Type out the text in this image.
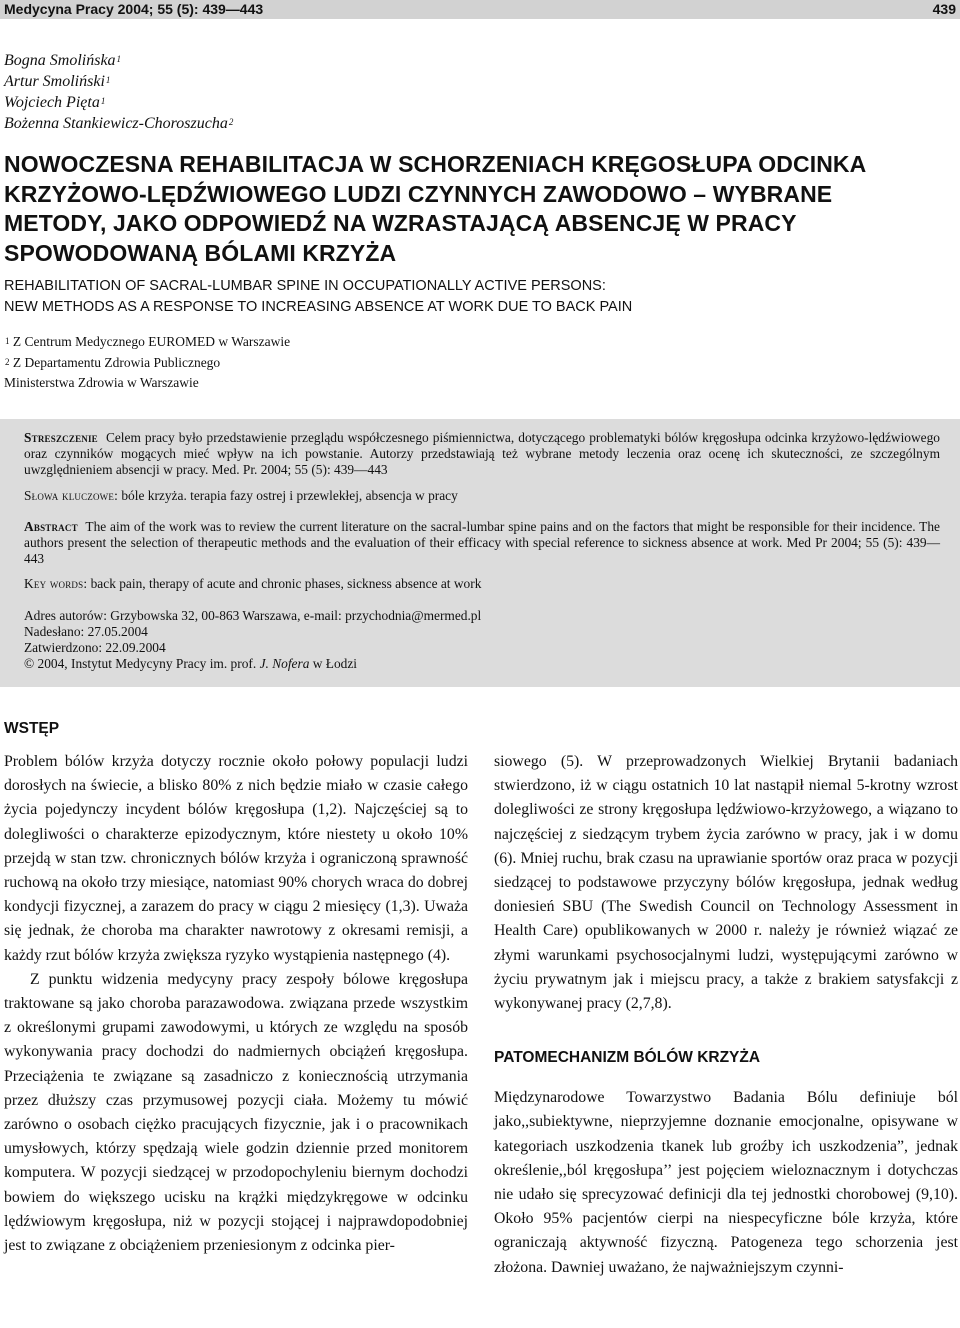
Medycyna Pracy 2004; 55 (5): 439—443	439
Bogna Smolińska$^1$
Artur Smoliński$^1$
Wojciech Pięta$^1$
Bożenna Stankiewicz-Choroszucha$^2$
NOWOCZESNA REHABILITACJA W SCHORZENIACH KRĘGOSŁUPA ODCINKA
KRZYŻOWO-LĘDŹWIOWEGO LUDZI CZYNNYCH ZAWODOWO – WYBRANE
METODY, JAKO ODPOWIEDŹ NA WZRASTAJĄCĄ ABSENCJĘ W PRACY
SPOWODOWANĄ BÓLAMI KRZYŻA
REHABILITATION OF SACRAL-LUMBAR SPINE IN OCCUPATIONALLY ACTIVE PERSONS:
NEW METHODS AS A RESPONSE TO INCREASING ABSENCE AT WORK DUE TO BACK PAIN
$^1$ Z Centrum Medycznego EUROMED w Warszawie
$^2$ Z Departamentu Zdrowia Publicznego
Ministerstwa Zdrowia w Warszawie

Streszczenie Celem pracy było przedstawienie przeglądu współczesnego piśmiennictwa, dotyczącego problematyki bólów kręgosłupa odcinka krzyżowo-lędźwiowego oraz czynników mogących mieć wpływ na ich powstanie. Autorzy przedstawiają też wybrane metody leczenia oraz ocenę ich skuteczności, ze szczególnym uwzględnieniem absencji w pracy. Med. Pr. 2004; 55 (5): 439—443

Słowa kluczowe: bóle krzyża. terapia fazy ostrej i przewlekłej, absencja w pracy

Abstract The aim of the work was to review the current literature on the sacral-lumbar spine pains and on the factors that might be responsible for their incidence. The authors present the selection of therapeutic methods and the evaluation of their efficacy with special reference to sickness absence at work. Med Pr 2004; 55 (5): 439—443

Key words: back pain, therapy of acute and chronic phases, sickness absence at work

Adres autorów: Grzybowska 32, 00-863 Warszawa, e-mail: przychodnia@mermed.pl
Nadesłano: 27.05.2004
Zatwierdzono: 22.09.2004
© 2004, Instytut Medycyny Pracy im. prof. J. Nofera w Łodzi
WSTĘP

Problem bólów krzyża dotyczy rocznie około połowy populacji ludzi dorosłych na świecie, a blisko 80% z nich będzie miało w czasie całego życia pojedynczy incydent bólów kręgosłupa (1,2). Najczęściej są to dolegliwości o charakterze epizodycznym, które niestety u około 10% przejdą w stan tzw. chronicznych bólów krzyża i ograniczoną sprawność ruchową na około trzy miesiące, natomiast 90% chorych wraca do dobrej kondycji fizycznej, a zarazem do pracy w ciągu 2 miesięcy (1,3). Uważa się jednak, że choroba ma charakter nawrotowy z okresami remisji, a każdy rzut bólów krzyża zwiększa ryzyko wystąpienia następnego (4).

Z punktu widzenia medycyny pracy zespoły bólowe kręgosłupa traktowane są jako choroba parazawodowa. związana przede wszystkim z określonymi grupami zawodowymi, u których ze względu na sposób wykonywania pracy dochodzi do nadmiernych obciążeń kręgosłupa. Przeciążenia te związane są zasadniczo z koniecznością utrzymania przez dłuższy czas przymusowej pozycji ciała. Możemy tu mówić zarówno o osobach ciężko pracujących fizycznie, jak i o pracownikach umysłowych, którzy spędzają wiele godzin dziennie przed monitorem komputera. W pozycji siedzącej w przodopochyleniu biernym dochodzi bowiem do większego ucisku na krążki międzykręgowe w odcinku lędźwiowym kręgosłupa, niż w pozycji stojącej i najprawdopodobniej jest to związane z obciążeniem przeniesionym z odcinka pier-

siowego (5). W przeprowadzonych Wielkiej Brytanii badaniach stwierdzono, iż w ciągu ostatnich 10 lat nastąpił niemal 5-krotny wzrost dolegliwości ze strony kręgosłupa lędźwiowo-krzyżowego, a wiązano to najczęściej z siedzącym trybem życia zarówno w pracy, jak i w domu (6). Mniej ruchu, brak czasu na uprawianie sportów oraz praca w pozycji siedzącej to podstawowe przyczyny bólów kręgosłupa, jednak według doniesień SBU (The Swedish Council on Technology Assessment in Health Care) opublikowanych w 2000 r. należy je również wiązać ze złymi warunkami psychosocjalnymi ludzi, występującymi zarówno w życiu prywatnym jak i miejscu pracy, a także z brakiem satysfakcji z wykonywanej pracy (2,7,8).

PATOMECHANIZM BÓLÓW KRZYŻA

Międzynarodowe Towarzystwo Badania Bólu definiuje ból jako,,subiektywne, nieprzyjemne doznanie emocjonalne, opisywane w kategoriach uszkodzenia tkanek lub groźby ich uszkodzenia”, jednak określenie,,ból kręgosłupa’’ jest pojęciem wieloznacznym i dotychczas nie udało się sprecyzować definicji dla tej jednostki chorobowej (9,10). Około 95% pacjentów cierpi na niespecyficzne bóle krzyża, które ograniczają aktywność fizyczną. Patogeneza tego schorzenia jest złożona. Dawniej uważano, że najważniejszym czynni-
